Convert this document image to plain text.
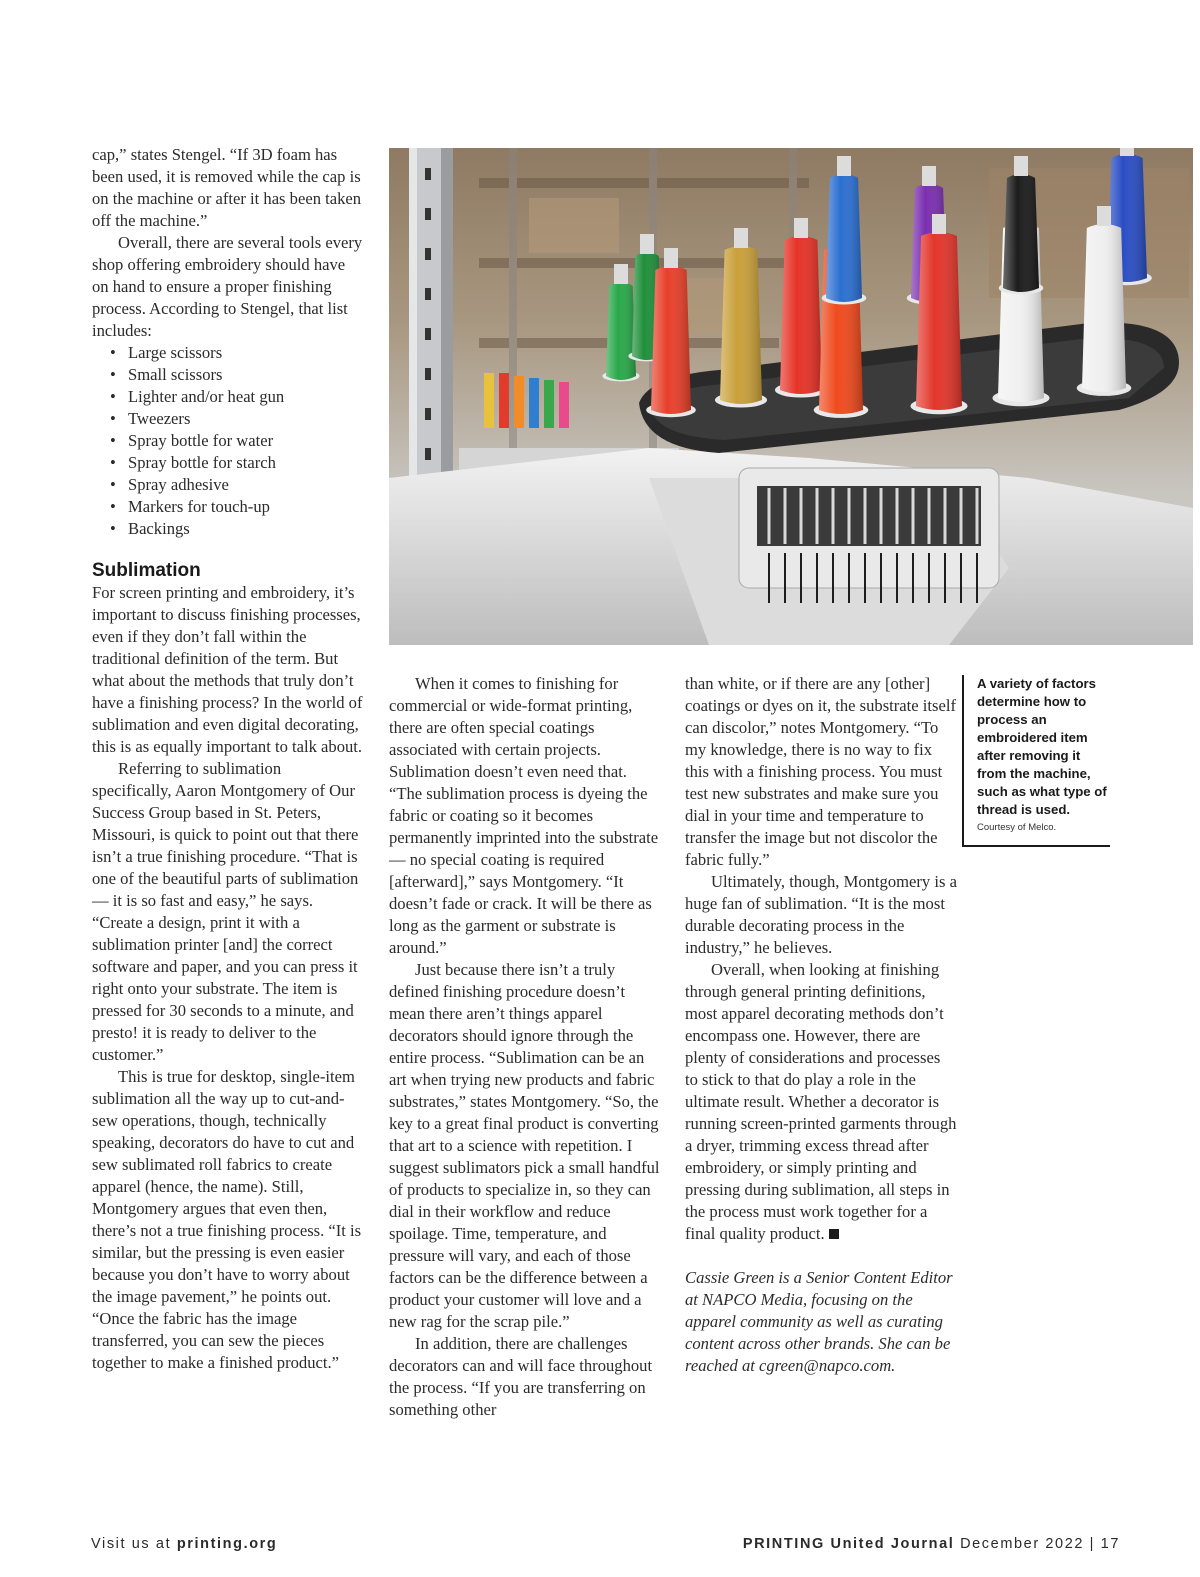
cap,” states Stengel. “If 3D foam has been used, it is removed while the cap is on the machine or after it has been taken off the machine.”

Overall, there are several tools every shop offering embroidery should have on hand to ensure a proper finishing process. According to Stengel, that list includes:

• Large scissors
• Small scissors
• Lighter and/or heat gun
• Tweezers
• Spray bottle for water
• Spray bottle for starch
• Spray adhesive
• Markers for touch-up
• Backings
Sublimation

For screen printing and embroidery, it’s important to discuss finishing processes, even if they don’t fall within the traditional definition of the term. But what about the methods that truly don’t have a finishing process? In the world of sublimation and even digital decorating, this is as equally important to talk about.

Referring to sublimation specifically, Aaron Montgomery of Our Success Group based in St. Peters, Missouri, is quick to point out that there isn’t a true finishing procedure. “That is one of the beautiful parts of sublimation — it is so fast and easy,” he says. “Create a design, print it with a sublimation printer [and] the correct software and paper, and you can press it right onto your substrate. The item is pressed for 30 seconds to a minute, and presto! it is ready to deliver to the customer.”

This is true for desktop, single-item sublimation all the way up to cut-and-sew operations, though, technically speaking, decorators do have to cut and sew sublimated roll fabrics to create apparel (hence, the name). Still, Montgomery argues that even then, there’s not a true finishing process. “It is similar, but the pressing is even easier because you don’t have to worry about the image pavement,” he points out. “Once the fabric has the image transferred, you can sew the pieces together to make a finished product.”

When it comes to finishing for commercial or wide-format printing, there are often special coatings associated with certain projects. Sublimation doesn’t even need that. “The sublimation process is dyeing the fabric or coating so it becomes permanently imprinted into the substrate — no special coating is required [afterward],” says Montgomery. “It doesn’t fade or crack. It will be there as long as the garment or substrate is around.”

Just because there isn’t a truly defined finishing procedure doesn’t mean there aren’t things apparel decorators should ignore through the entire process. “Sublimation can be an art when trying new products and fabric substrates,” states Montgomery. “So, the key to a great final product is converting that art to a science with repetition. I suggest sublimators pick a small handful of products to specialize in, so they can dial in their workflow and reduce spoilage. Time, temperature, and pressure will vary, and each of those factors can be the difference between a product your customer will love and a new rag for the scrap pile.”

In addition, there are challenges decorators can and will face throughout the process. “If you are transferring on something other

than white, or if there are any [other] coatings or dyes on it, the substrate itself can discolor,” notes Montgomery. “To my knowledge, there is no way to fix this with a finishing process. You must test new substrates and make sure you dial in your time and temperature to transfer the image but not discolor the fabric fully.”

Ultimately, though, Montgomery is a huge fan of sublimation. “It is the most durable decorating process in the industry,” he believes.

Overall, when looking at finishing through general printing definitions, most apparel decorating methods don’t encompass one. However, there are plenty of considerations and processes to stick to that do play a role in the ultimate result. Whether a decorator is running screen-printed garments through a dryer, trimming excess thread after embroidery, or simply printing and pressing during sublimation, all steps in the process must work together for a final quality product.

Cassie Green is a Senior Content Editor at NAPCO Media, focusing on the apparel community as well as curating content across other brands. She can be reached at cgreen@napco.com.

A variety of factors determine how to process an embroidered item after removing it from the machine, such as what type of thread is used.
Courtesy of Melco.
Visit us at printing.org	PRINTING United Journal December 2022 | 17
